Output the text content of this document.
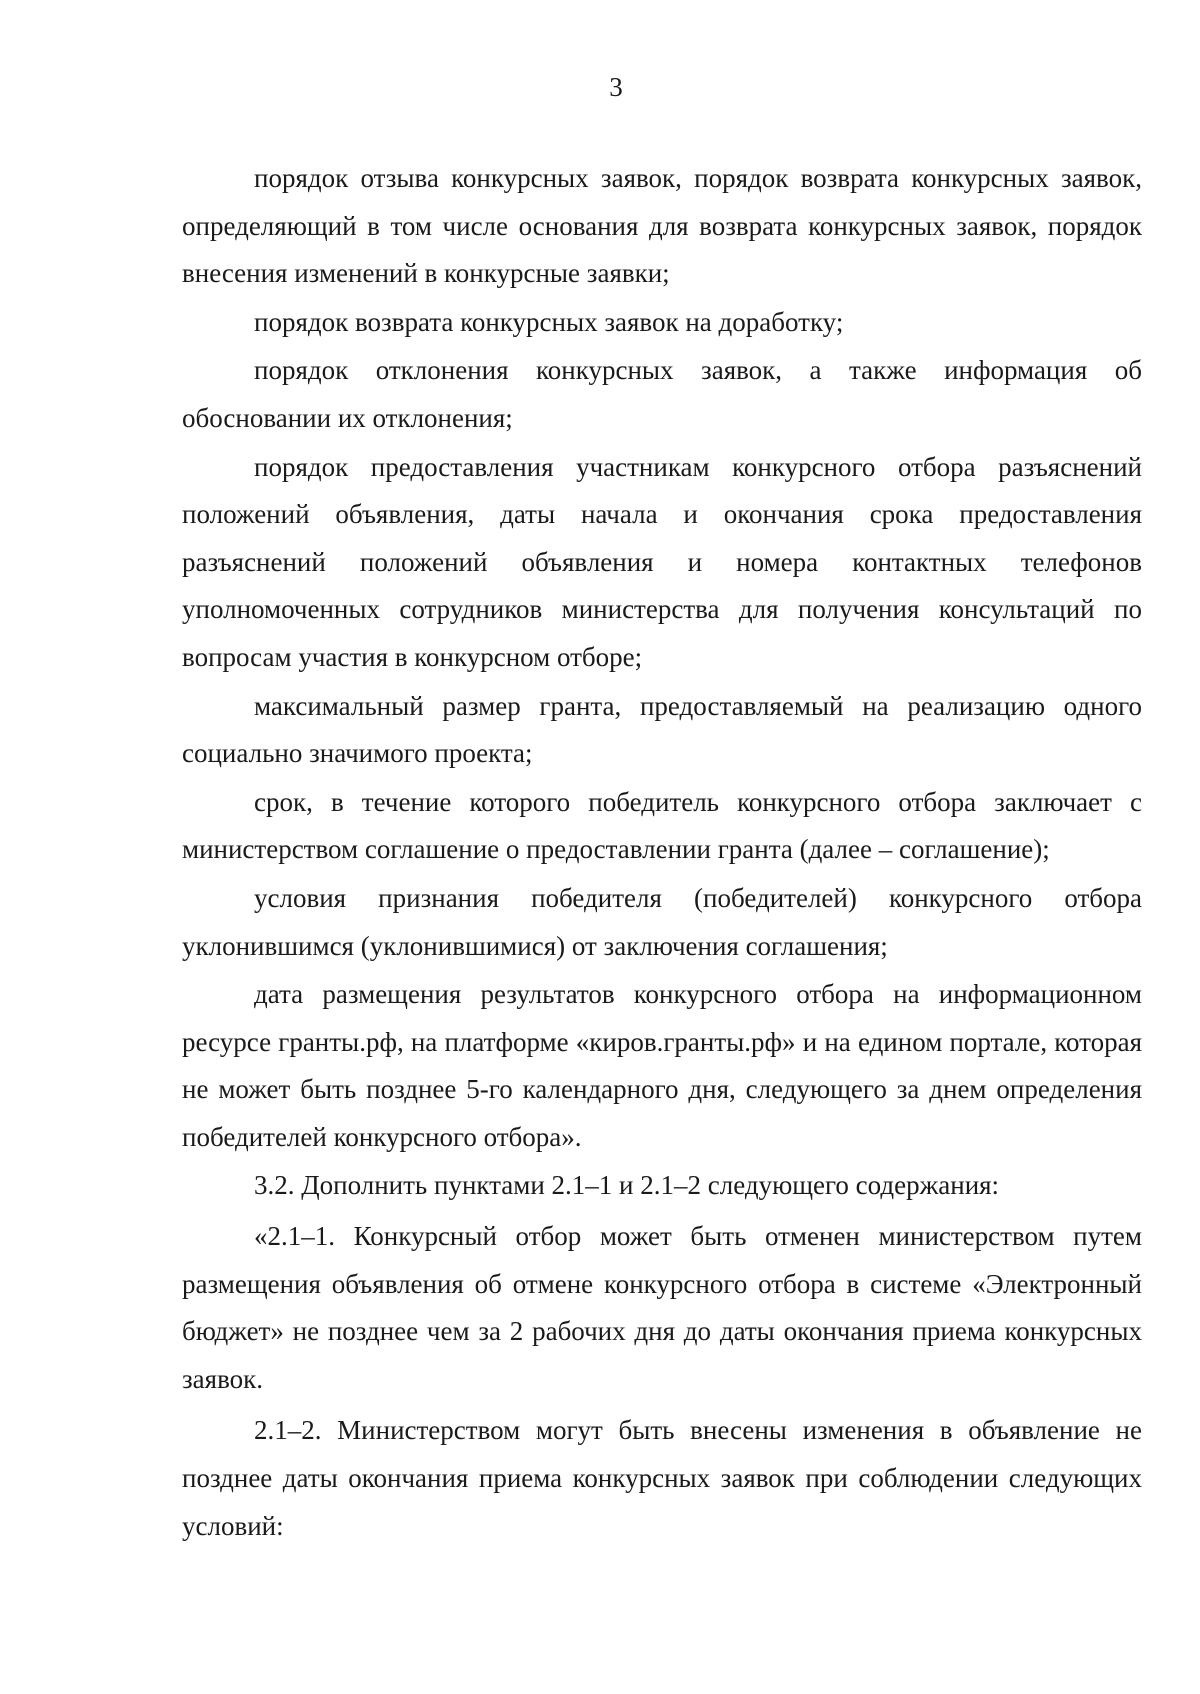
3

порядок отзыва конкурсных заявок, порядок возврата конкурсных заявок, определяющий в том числе основания для возврата конкурсных заявок, порядок внесения изменений в конкурсные заявки;

порядок возврата конкурсных заявок на доработку;

порядок отклонения конкурсных заявок, а также информация об обосновании их отклонения;

порядок предоставления участникам конкурсного отбора разъяснений положений объявления, даты начала и окончания срока предоставления разъяснений положений объявления и номера контактных телефонов уполномоченных сотрудников министерства для получения консультаций по вопросам участия в конкурсном отборе;

максимальный размер гранта, предоставляемый на реализацию одного социально значимого проекта;

срок, в течение которого победитель конкурсного отбора заключает с министерством соглашение о предоставлении гранта (далее – соглашение);

условия признания победителя (победителей) конкурсного отбора уклонившимся (уклонившимися) от заключения соглашения;

дата размещения результатов конкурсного отбора на информационном ресурсе гранты.рф, на платформе «киров.гранты.рф» и на едином портале, которая не может быть позднее 5-го календарного дня, следующего за днем определения победителей конкурсного отбора».

3.2. Дополнить пунктами 2.1–1 и 2.1–2 следующего содержания:

«2.1–1. Конкурсный отбор может быть отменен министерством путем размещения объявления об отмене конкурсного отбора в системе «Электронный бюджет» не позднее чем за 2 рабочих дня до даты окончания приема конкурсных заявок.

2.1–2. Министерством могут быть внесены изменения в объявление не позднее даты окончания приема конкурсных заявок при соблюдении следующих условий:
